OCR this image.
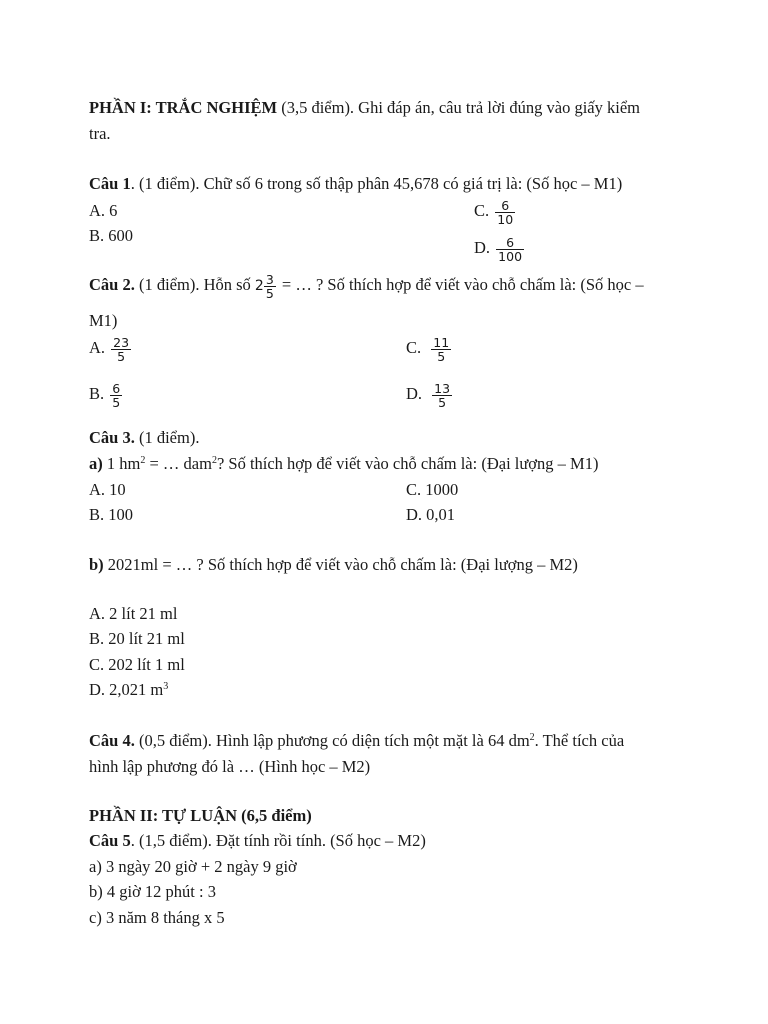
PHẦN I: TRẮC NGHIỆM (3,5 điểm). Ghi đáp án, câu trả lời đúng vào giấy kiểm
tra.
Câu 1. (1 điểm). Chữ số 6 trong số thập phân 45,678 có giá trị là: (Số học – M1)
A. 6
B. 600
C. $\frac{6}{10}$
D. $\frac{6}{100}$
Câu 2. (1 điểm). Hỗn số $2 \frac{3}{5}$ = … ? Số thích hợp để viết vào chỗ chấm là: (Số học –
M1)
A. $\frac{23}{5}$	C. $\frac{11}{5}$
B. $\frac{6}{5}$	D. $\frac{13}{5}$
Câu 3. (1 điểm).
a) 1 $hm^2$ = … dam$^2$? Số thích hợp để viết vào chỗ chấm là: (Đại lượng – M1)
A. 10	C. 1000
B. 100	D. 0,01
b) 2021ml = … ? Số thích hợp để viết vào chỗ chấm là: (Đại lượng – M2)
A. 2 lít 21 ml
B. 20 lít 21 ml
C. 202 lít 1 ml
D. 2,021 $m^3$
Câu 4. (0,5 điểm). Hình lập phương có diện tích một mặt là 64 $dm^2$. Thể tích của
hình lập phương đó là … (Hình học – M2)
PHẦN II: TỰ LUẬN (6,5 điểm)
Câu 5. (1,5 điểm). Đặt tính rồi tính. (Số học – M2)
a) 3 ngày 20 giờ + 2 ngày 9 giờ
b) 4 giờ 12 phút : 3
c) 3 năm 8 tháng x 5
